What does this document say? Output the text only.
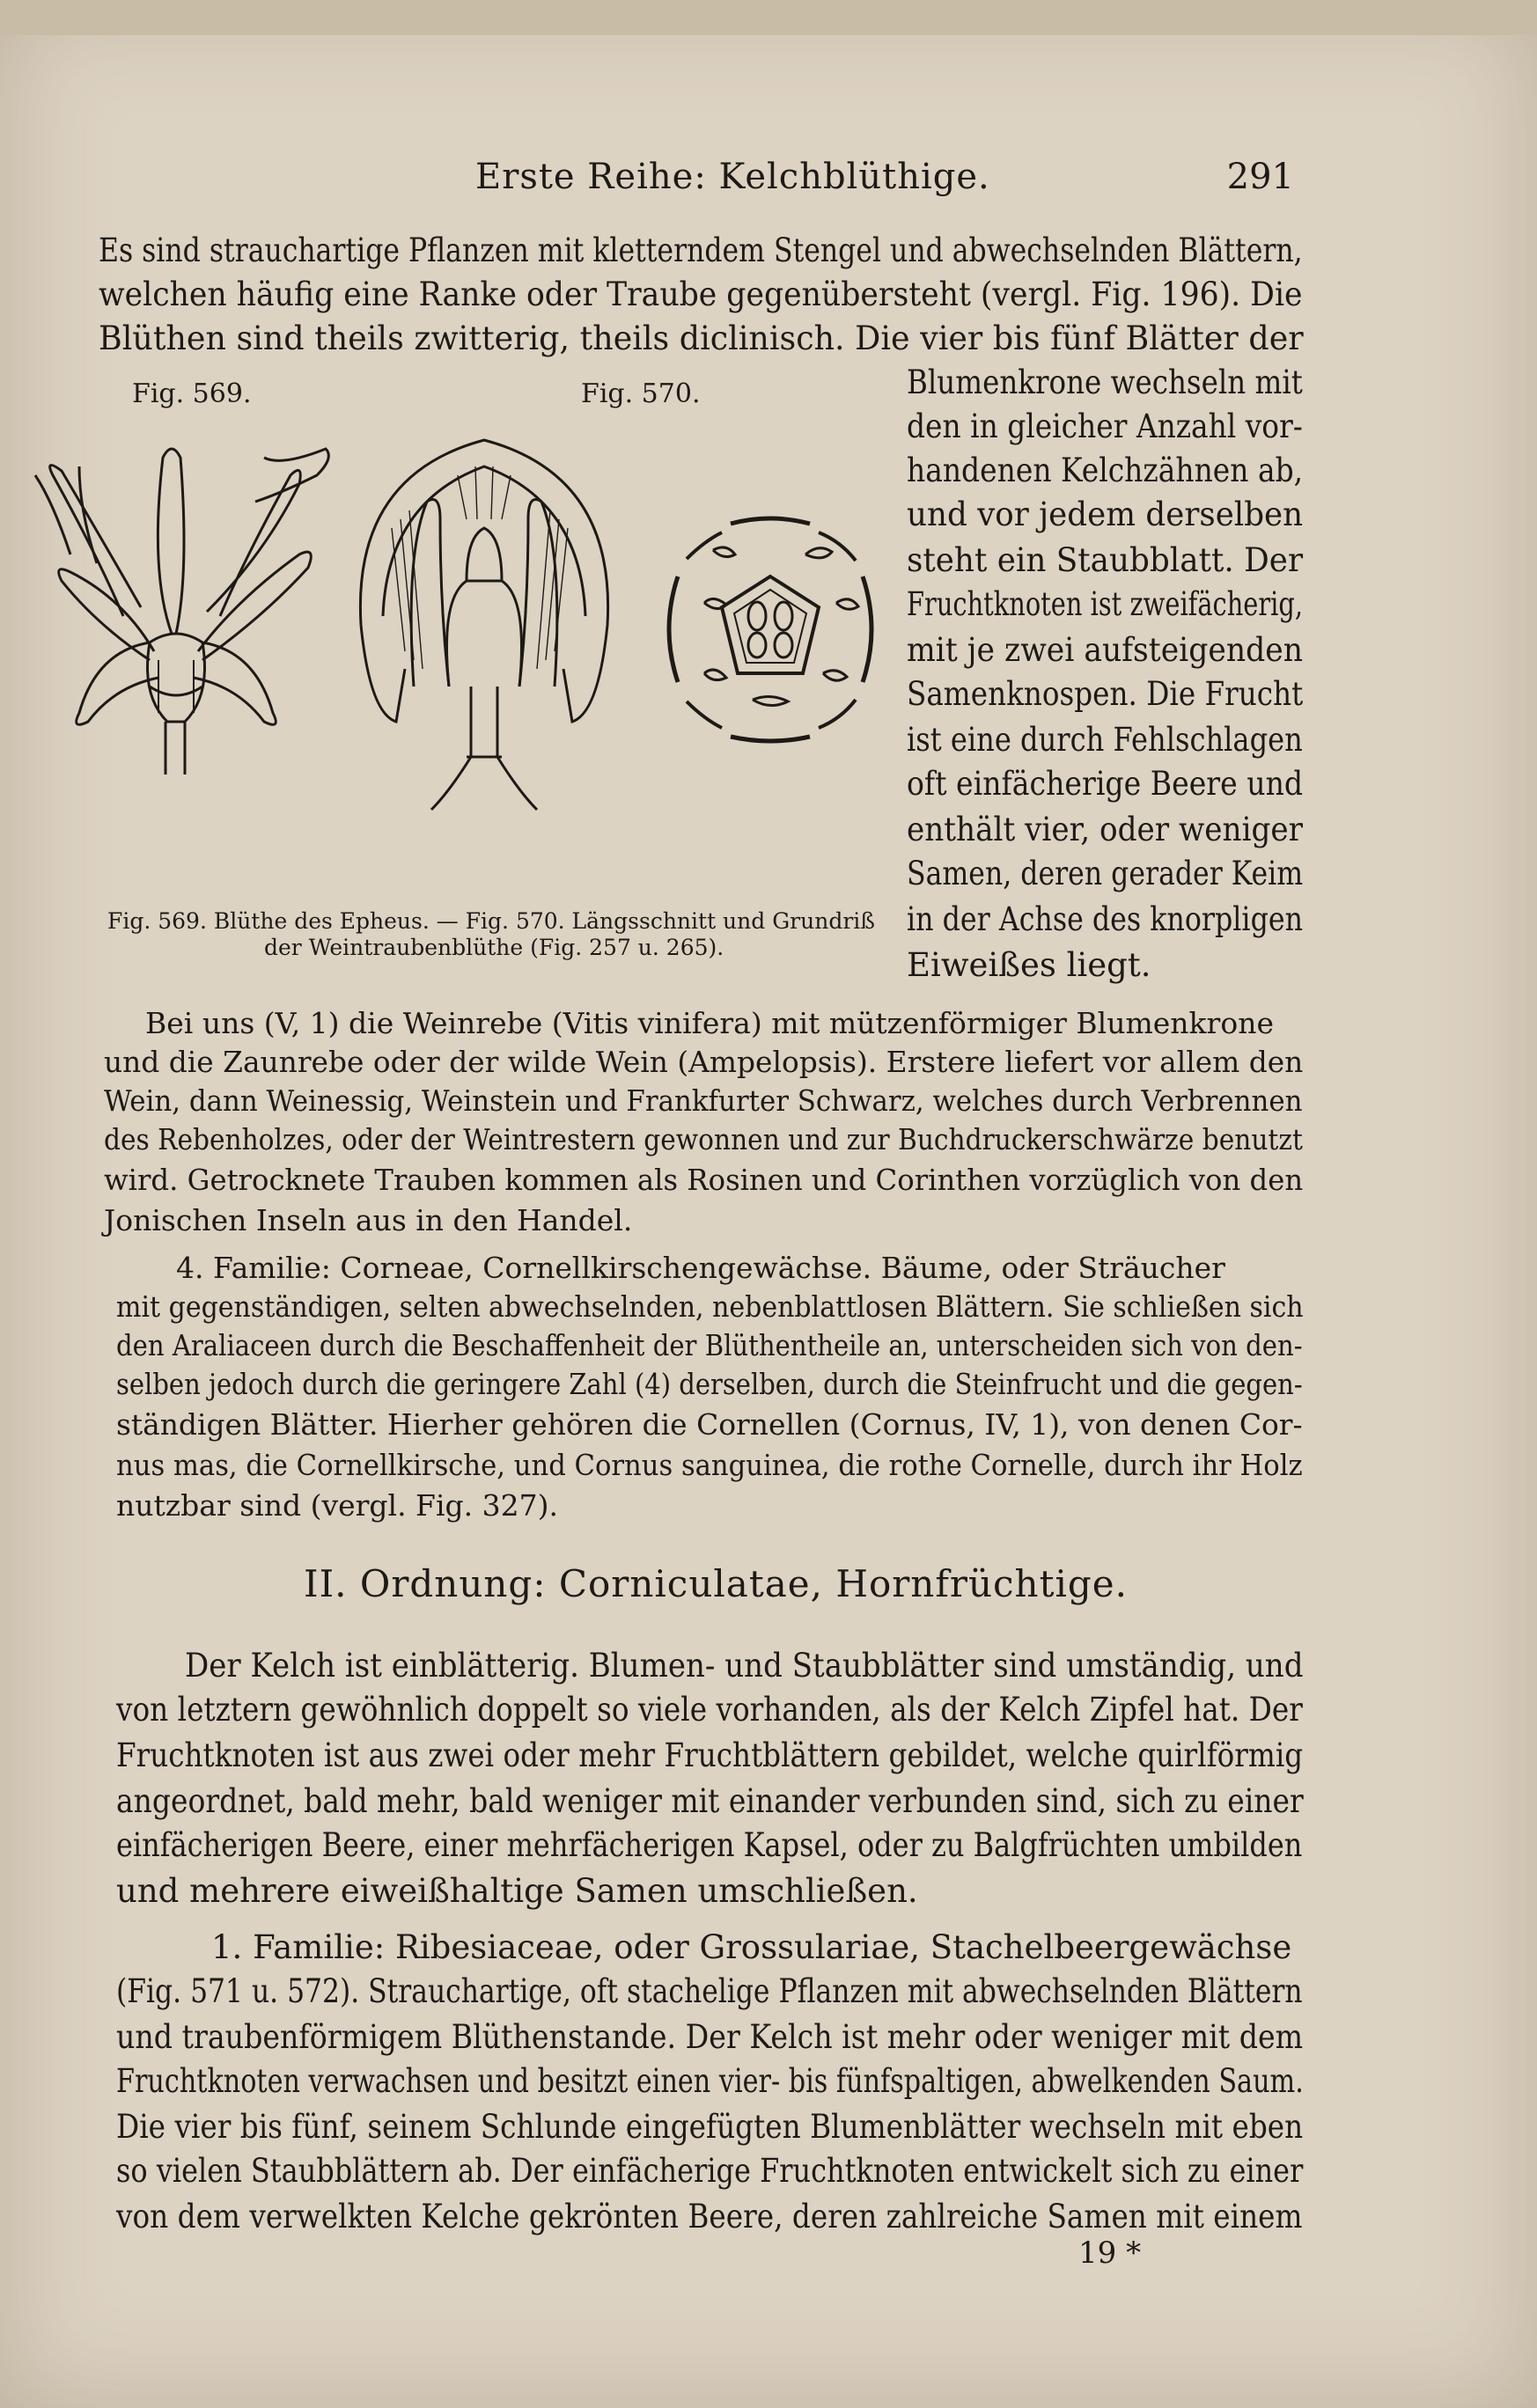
Erste Reihe: Kelchblüthige.	291
Es sind strauchartige Pflanzen mit kletterndem Stengel und abwechselnden Blättern,
welchen häufig eine Ranke oder Traube gegenübersteht (vergl. Fig. 196). Die
Blüthen sind theils zwitterig, theils diclinisch. Die vier bis fünf Blätter der
Fig. 569.	Fig. 570.	Blumenkrone wechseln mit
den in gleicher Anzahl vor-
handenen Kelchzähnen ab,
und vor jedem derselben
steht ein Staubblatt. Der
Fruchtknoten ist zweifächerig,
mit je zwei aufsteigenden
Samenknospen. Die Frucht
ist eine durch Fehlschlagen
oft einfächerige Beere und
enthält vier, oder weniger
Samen, deren gerader Keim
in der Achse des knorpligen
Eiweißes liegt.
Fig. 569. Blüthe des Epheus. — Fig. 570. Längsschnitt und Grundriß
der Weintraubenblüthe (Fig. 257 u. 265).
Bei uns (V, 1) die Weinrebe (Vitis vinifera) mit mützenförmiger Blumenkrone
und die Zaunrebe oder der wilde Wein (Ampelopsis). Erstere liefert vor allem den
Wein, dann Weinessig, Weinstein und Frankfurter Schwarz, welches durch Verbrennen
des Rebenholzes, oder der Weintrestern gewonnen und zur Buchdruckerschwärze benutzt
wird. Getrocknete Trauben kommen als Rosinen und Corinthen vorzüglich von den
Jonischen Inseln aus in den Handel.
4. Familie: Corneae, Cornellkirschengewächse. Bäume, oder Sträucher
mit gegenständigen, selten abwechselnden, nebenblattlosen Blättern. Sie schließen sich
den Araliaceen durch die Beschaffenheit der Blüthentheile an, unterscheiden sich von den-
selben jedoch durch die geringere Zahl (4) derselben, durch die Steinfrucht und die gegen-
ständigen Blätter. Hierher gehören die Cornellen (Cornus, IV, 1), von denen Cor-
nus mas, die Cornellkirsche, und Cornus sanguinea, die rothe Cornelle, durch ihr Holz
nutzbar sind (vergl. Fig. 327).
II. Ordnung: Corniculatae, Hornfrüchtige.
Der Kelch ist einblätterig. Blumen- und Staubblätter sind umständig, und
von letztern gewöhnlich doppelt so viele vorhanden, als der Kelch Zipfel hat. Der
Fruchtknoten ist aus zwei oder mehr Fruchtblättern gebildet, welche quirlförmig
angeordnet, bald mehr, bald weniger mit einander verbunden sind, sich zu einer
einfächerigen Beere, einer mehrfächerigen Kapsel, oder zu Balgfrüchten umbilden
und mehrere eiweißhaltige Samen umschließen.
1. Familie: Ribesiaceae, oder Grossulariae, Stachelbeergewächse
(Fig. 571 u. 572). Strauchartige, oft stachelige Pflanzen mit abwechselnden Blättern
und traubenförmigem Blüthenstande. Der Kelch ist mehr oder weniger mit dem
Fruchtknoten verwachsen und besitzt einen vier- bis fünfspaltigen, abwelkenden Saum.
Die vier bis fünf, seinem Schlunde eingefügten Blumenblätter wechseln mit eben
so vielen Staubblättern ab. Der einfächerige Fruchtknoten entwickelt sich zu einer
von dem verwelkten Kelche gekrönten Beere, deren zahlreiche Samen mit einem
19 *
